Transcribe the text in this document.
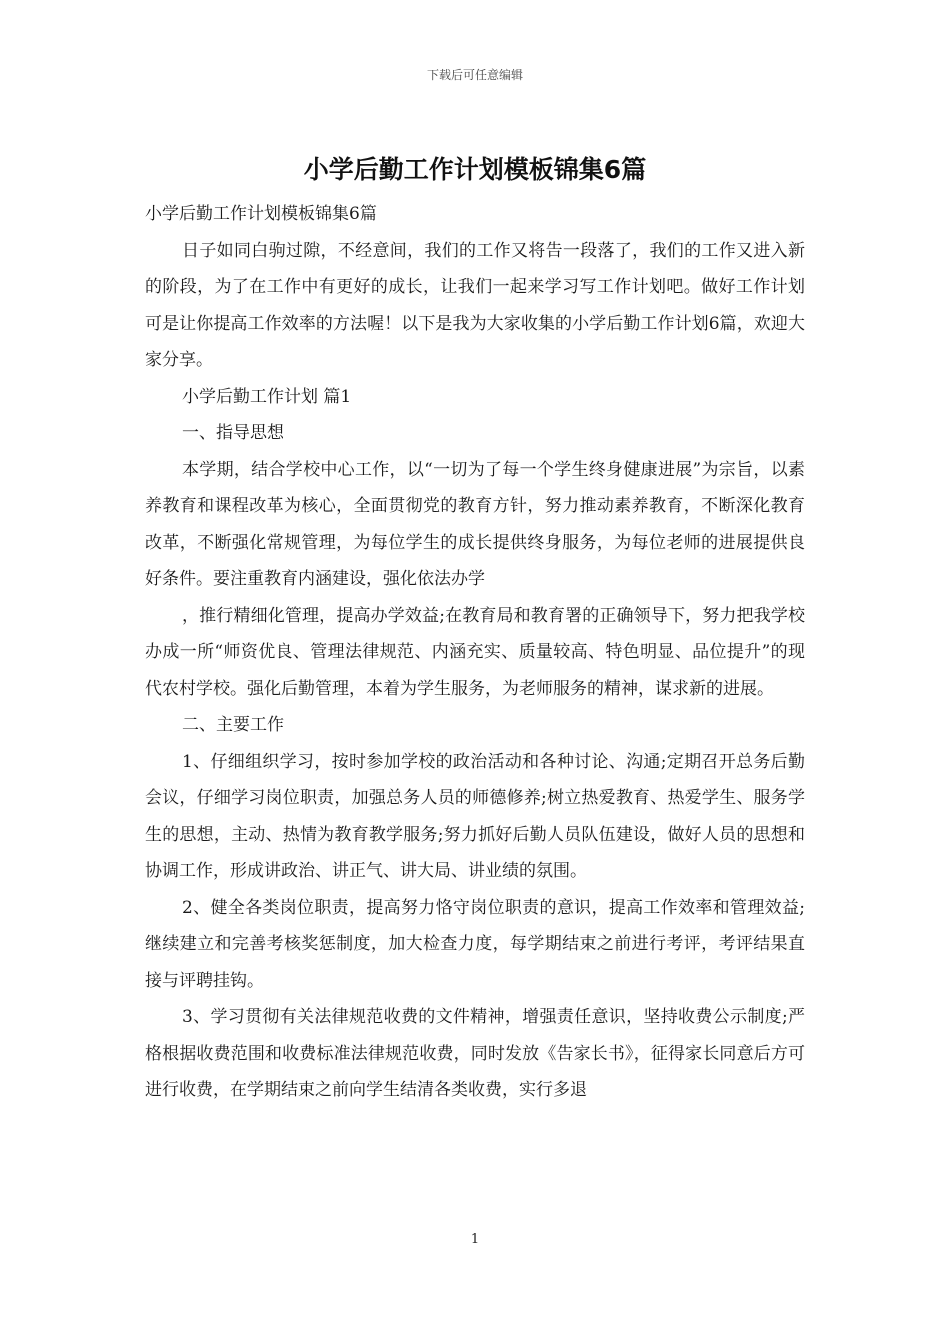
下载后可任意编辑
小学后勤工作计划模板锦集6篇

小学后勤工作计划模板锦集6篇

日子如同白驹过隙，不经意间，我们的工作又将告一段落了，我们的工作又进入新的阶段，为了在工作中有更好的成长，让我们一起来学习写工作计划吧。做好工作计划可是让你提高工作效率的方法喔！以下是我为大家收集的小学后勤工作计划6篇，欢迎大家分享。

小学后勤工作计划 篇1

一、指导思想

本学期，结合学校中心工作，以“一切为了每一个学生终身健康进展”为宗旨，以素养教育和课程改革为核心，全面贯彻党的教育方针，努力推动素养教育，不断深化教育改革，不断强化常规管理，为每位学生的成长提供终身服务，为每位老师的进展提供良好条件。要注重教育内涵建设，强化依法办学

，推行精细化管理，提高办学效益;在教育局和教育署的正确领导下，努力把我学校办成一所“师资优良、管理法律规范、内涵充实、质量较高、特色明显、品位提升”的现代农村学校。强化后勤管理，本着为学生服务，为老师服务的精神，谋求新的进展。

二、主要工作

1、仔细组织学习，按时参加学校的政治活动和各种讨论、沟通;定期召开总务后勤会议，仔细学习岗位职责，加强总务人员的师德修养;树立热爱教育、热爱学生、服务学生的思想，主动、热情为教育教学服务;努力抓好后勤人员队伍建设，做好人员的思想和协调工作，形成讲政治、讲正气、讲大局、讲业绩的氛围。

2、健全各类岗位职责，提高努力恪守岗位职责的意识，提高工作效率和管理效益;继续建立和完善考核奖惩制度，加大检查力度，每学期结束之前进行考评，考评结果直接与评聘挂钩。

3、学习贯彻有关法律规范收费的文件精神，增强责任意识，坚持收费公示制度;严格根据收费范围和收费标准法律规范收费，同时发放《告家长书》，征得家长同意后方可进行收费，在学期结束之前向学生结清各类收费，实行多退

1
